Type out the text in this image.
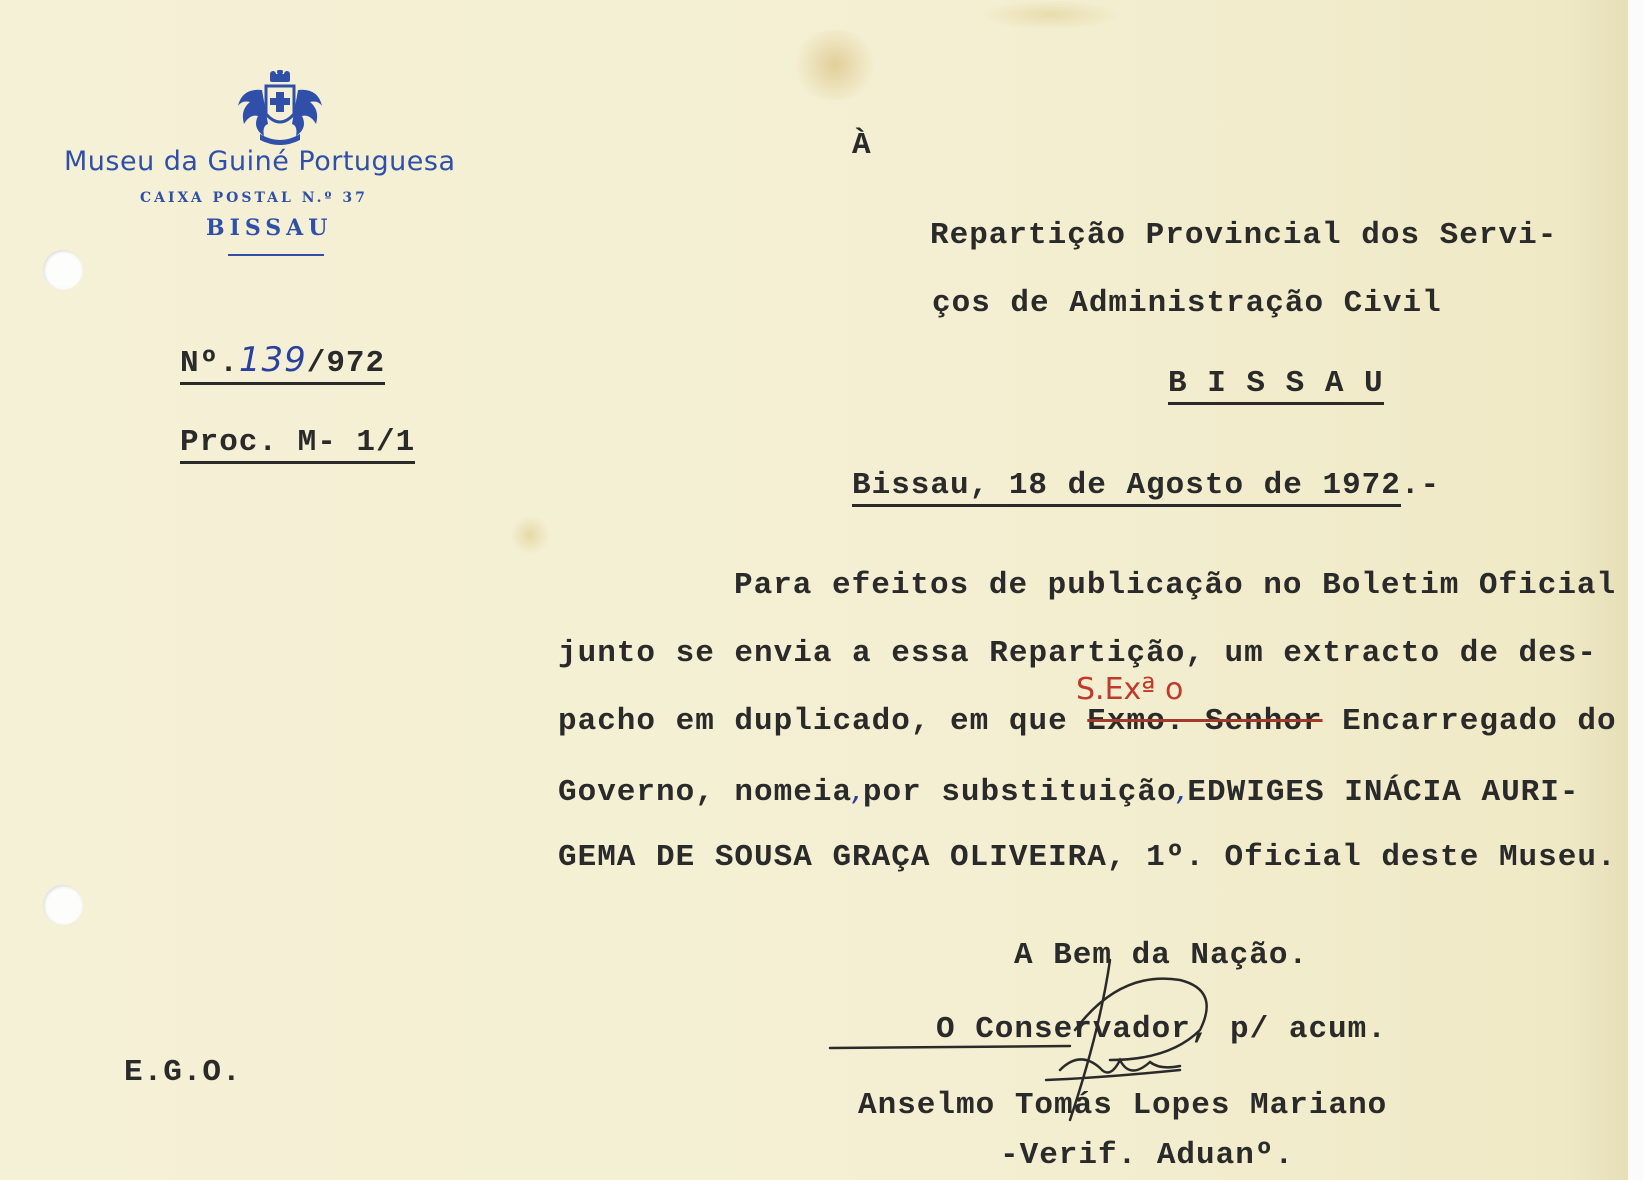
Museu da Guiné Portuguesa
CAIXA POSTAL N.º 37
BISSAU
Nº.139/972
Proc. M- 1/1
À
Repartição Provincial dos Servi-
ços de Administração Civil
B I S S A U
Bissau, 18 de Agosto de 1972.-
S.Exª o
Para efeitos de publicação no Boletim Oficial
junto se envia a essa Repartição, um extracto de des-
pacho em duplicado, em que Exmo. Senhor Encarregado do
Governo, nomeia,por substituição,EDWIGES INÁCIA AURI-
GEMA DE SOUSA GRAÇA OLIVEIRA, 1º. Oficial deste Museu.
A Bem da Nação.
O Conservador, p/ acum.
Anselmo Tomás Lopes Mariano
-Verif. Aduanº.
E.G.O.
